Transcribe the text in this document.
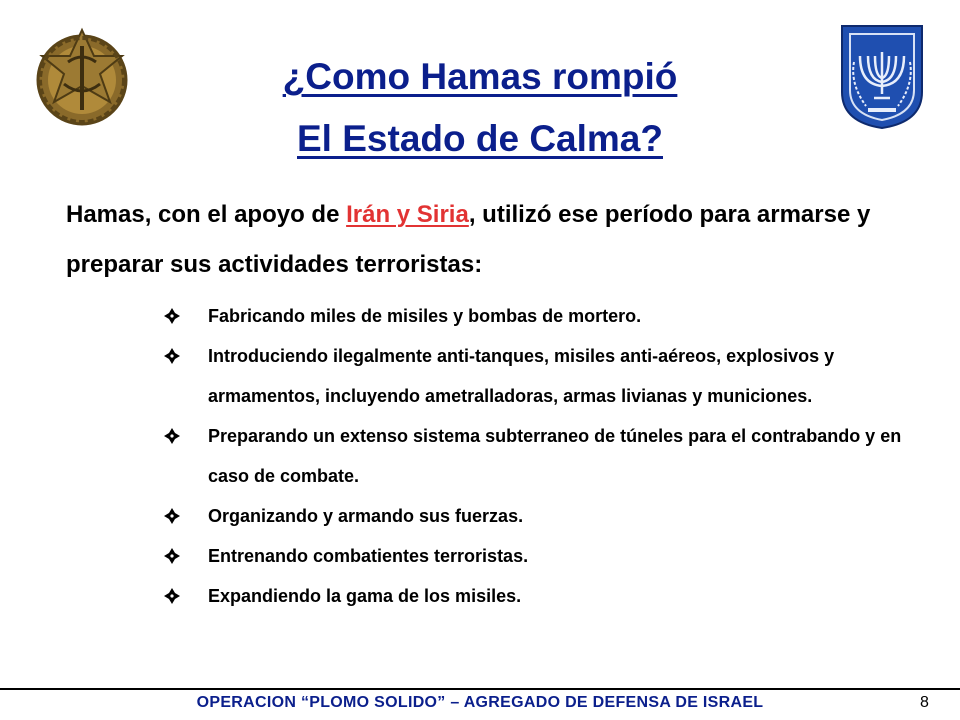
¿Como Hamas rompió
El Estado de Calma?
Hamas, con el apoyo de Irán y Siria, utilizó ese período para armarse y preparar sus actividades terroristas:
Fabricando miles de misiles y bombas de mortero.
Introduciendo ilegalmente anti-tanques, misiles anti-aéreos, explosivos y armamentos, incluyendo ametralladoras, armas livianas y municiones.
Preparando un extenso sistema subterraneo de túneles para el contrabando y en caso de combate.
Organizando y armando sus fuerzas.
Entrenando combatientes terroristas.
Expandiendo la gama de los misiles.
OPERACION “PLOMO SOLIDO” – AGREGADO DE DEFENSA DE ISRAEL	8
